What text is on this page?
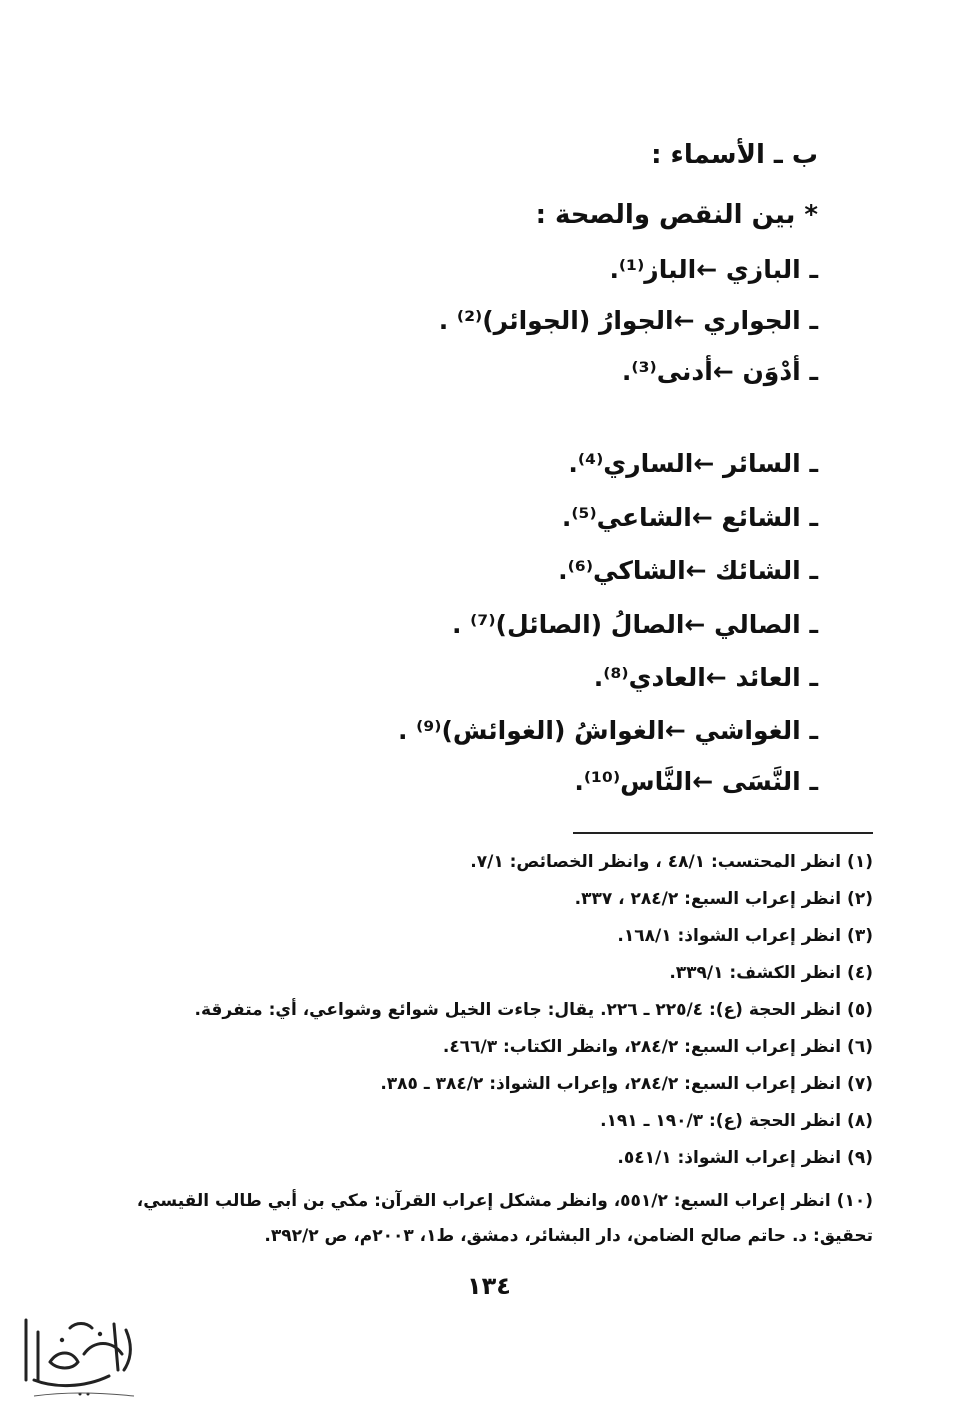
ب ـ الأسماء :
* بين النقص والصحة :
ـ البازي ←الباز⁽¹⁾.
ـ الجواري ←الجوارُ (الجوائر)⁽²⁾ .
ـ أدْوَن ←أدنى⁽³⁾.
ـ السائر ←الساري⁽⁴⁾.
ـ الشائع ←الشاعي⁽⁵⁾.
ـ الشائك ←الشاكي⁽⁶⁾.
ـ الصالي ←الصالُ (الصائل)⁽⁷⁾ .
ـ العائد ←العادي⁽⁸⁾.
ـ الغواشي ←الغواشُ (الغوائش)⁽⁹⁾ .
ـ النَّسَى ←النَّاس⁽¹⁰⁾.
(١) انظر المحتسب: ٤٨/١ ، وانظر الخصائص: ٧/١.
(٢) انظر إعراب السبع: ٢٨٤/٢ ، ٣٣٧.
(٣) انظر إعراب الشواذ: ١٦٨/١.
(٤) انظر الكشف: ٣٣٩/١.
(٥) انظر الحجة (ع): ٢٢٥/٤ ـ ٢٢٦. يقال: جاءت الخيل شوائع وشواعي، أي: متفرقة.
(٦) انظر إعراب السبع: ٢٨٤/٢، وانظر الكتاب: ٤٦٦/٣.
(٧) انظر إعراب السبع: ٢٨٤/٢، وإعراب الشواذ: ٣٨٤/٢ ـ ٣٨٥.
(٨) انظر الحجة (ع): ١٩٠/٣ ـ ١٩١.
(٩) انظر إعراب الشواذ: ٥٤١/١.
(١٠) انظر إعراب السبع: ٥٥١/٢، وانظر مشكل إعراب القرآن: مكي بن أبي طالب القيسي، تحقيق: د. حاتم صالح الضامن، دار البشائر، دمشق، ط١، ٢٠٠٣م، ص ٣٩٢/٢.
١٣٤
